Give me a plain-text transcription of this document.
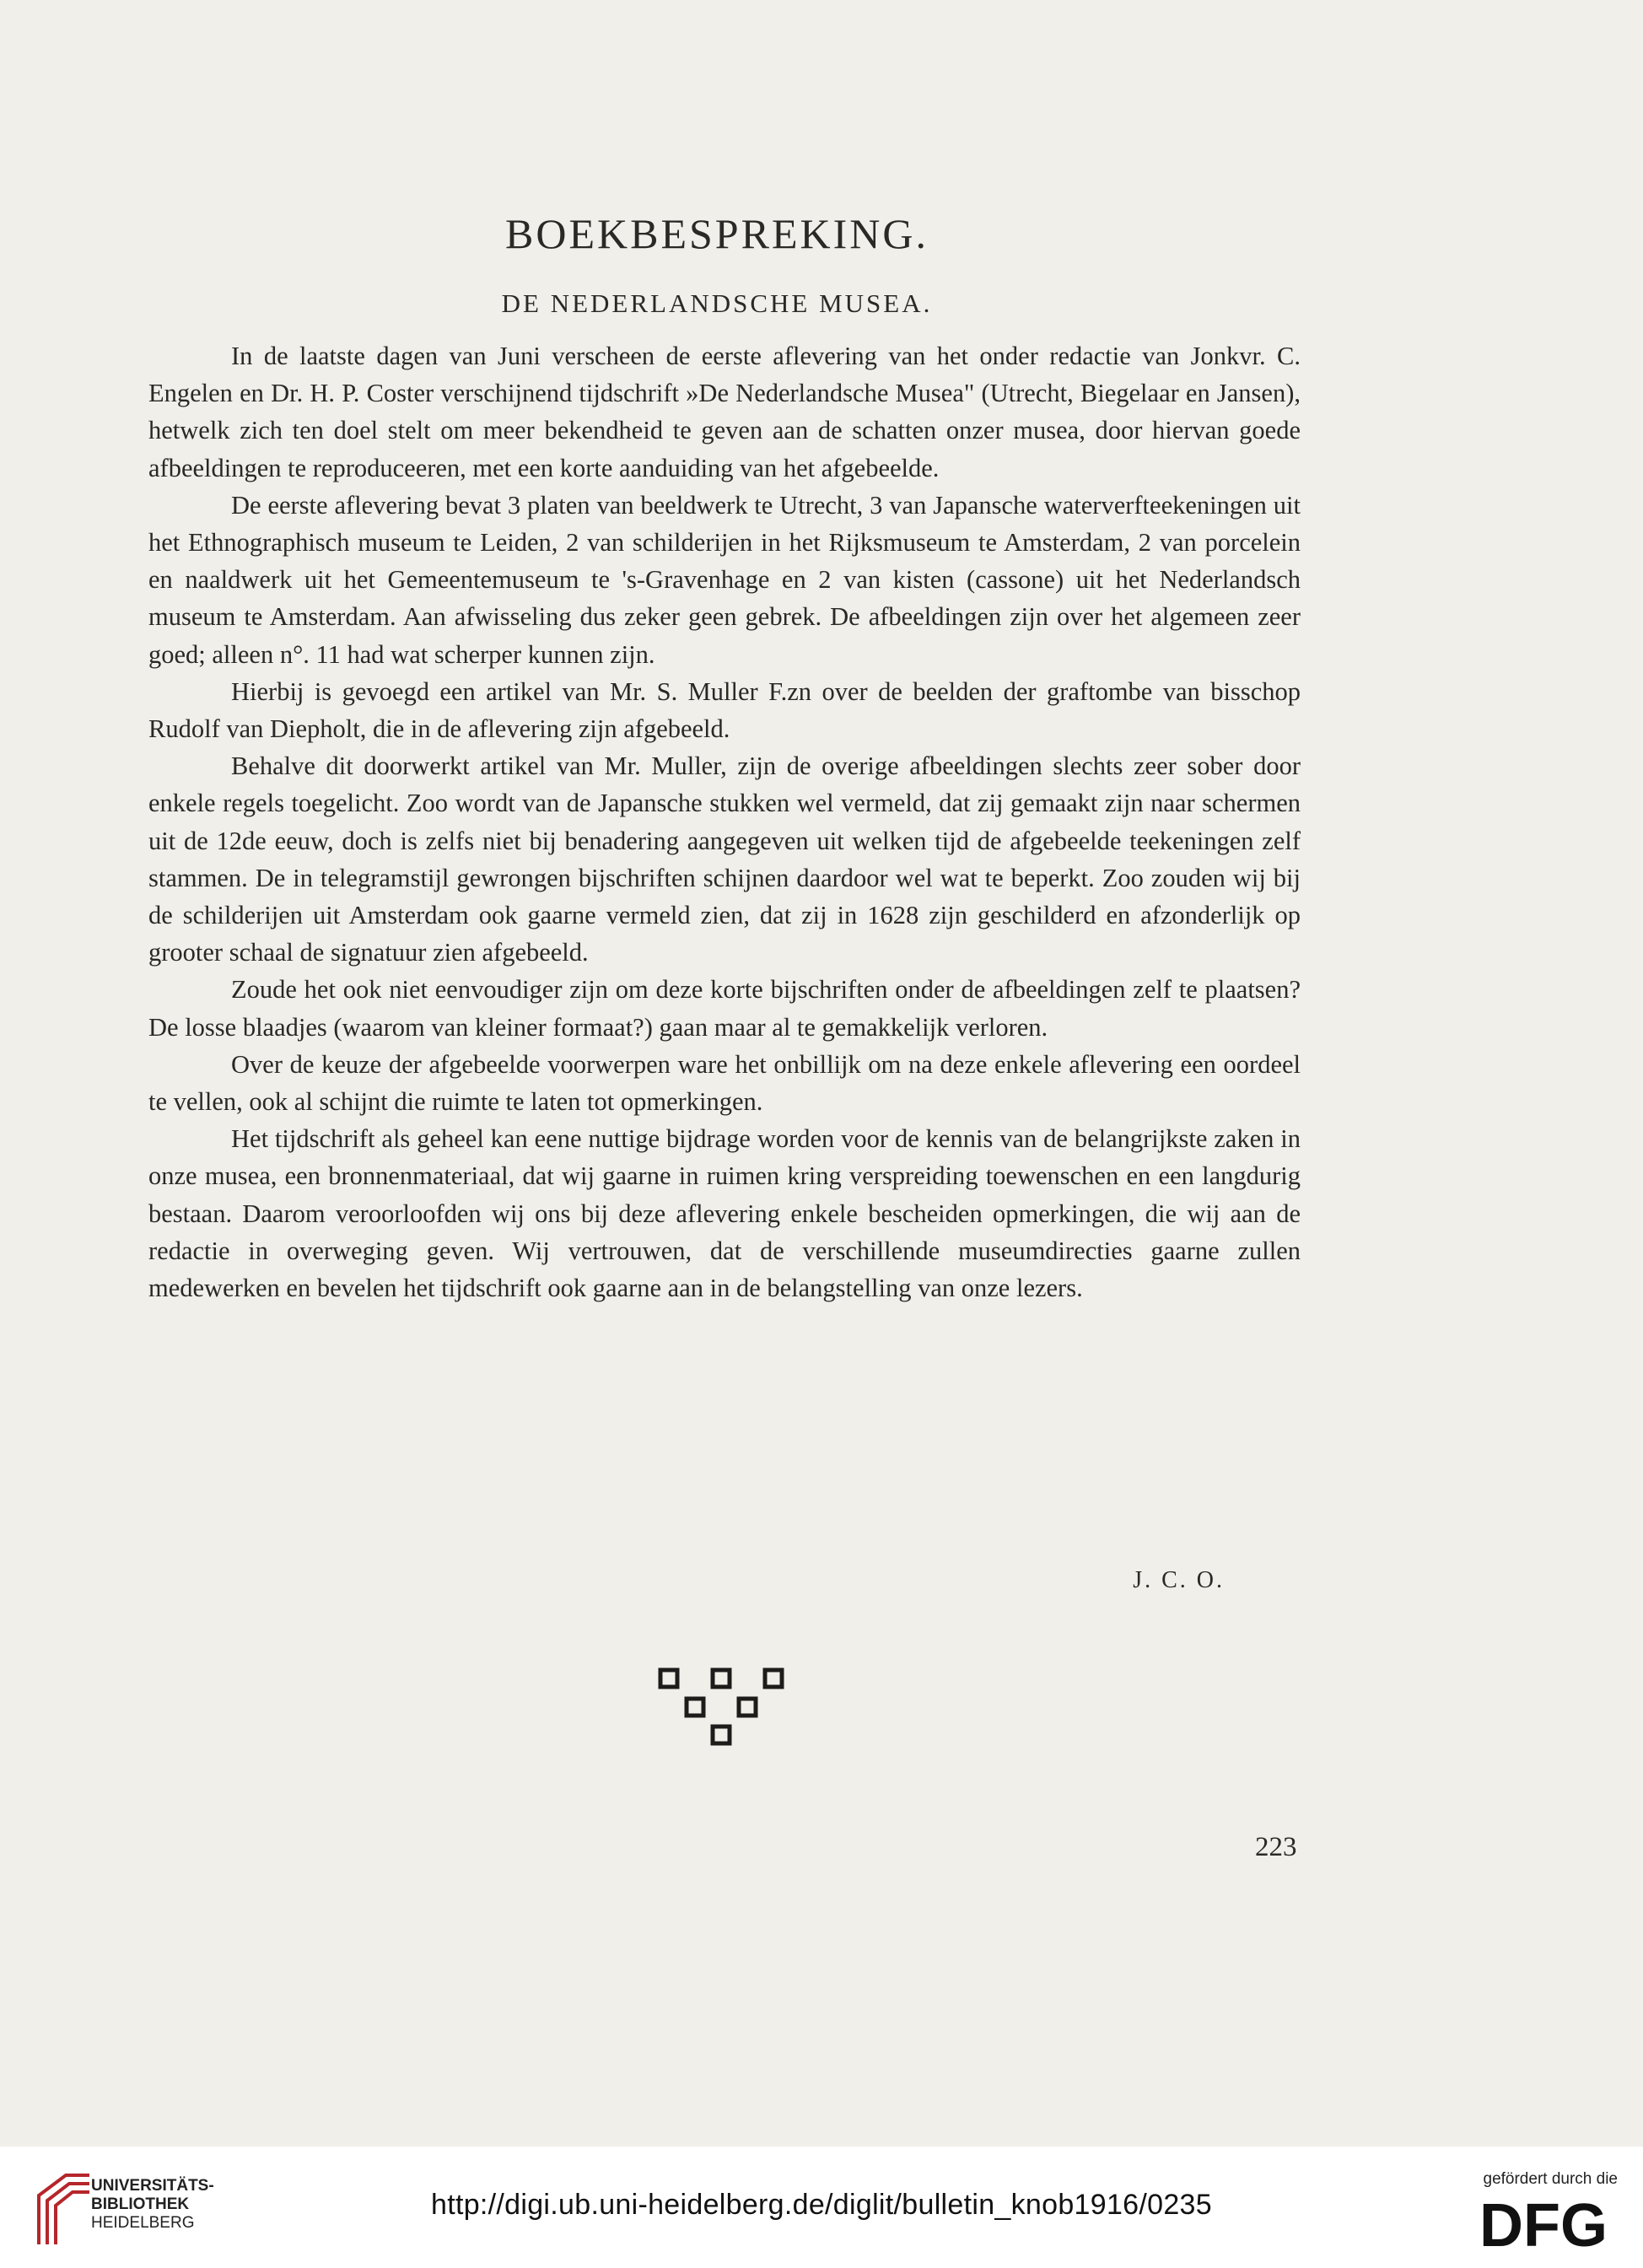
BOEKBESPREKING.
DE NEDERLANDSCHE MUSEA.

In de laatste dagen van Juni verscheen de eerste aflevering van het onder redactie van Jonkvr. C. Engelen en Dr. H. P. Coster verschijnend tijdschrift »De Nederlandsche Musea" (Utrecht, Biegelaar en Jansen), hetwelk zich ten doel stelt om meer bekendheid te geven aan de schatten onzer musea, door hiervan goede afbeeldingen te reproduceeren, met een korte aanduiding van het afgebeelde.

De eerste aflevering bevat 3 platen van beeldwerk te Utrecht, 3 van Japansche waterverfteekeningen uit het Ethnographisch museum te Leiden, 2 van schilderijen in het Rijksmuseum te Amsterdam, 2 van porcelein en naaldwerk uit het Gemeentemuseum te 's-Gravenhage en 2 van kisten (cassone) uit het Nederlandsch museum te Amsterdam. Aan afwisseling dus zeker geen gebrek. De afbeeldingen zijn over het algemeen zeer goed; alleen n°. 11 had wat scherper kunnen zijn.

Hierbij is gevoegd een artikel van Mr. S. Muller F.zn over de beelden der graftombe van bisschop Rudolf van Diepholt, die in de aflevering zijn afgebeeld.

Behalve dit doorwerkt artikel van Mr. Muller, zijn de overige afbeeldingen slechts zeer sober door enkele regels toegelicht. Zoo wordt van de Japansche stukken wel vermeld, dat zij gemaakt zijn naar schermen uit de 12de eeuw, doch is zelfs niet bij benadering aangegeven uit welken tijd de afgebeelde teekeningen zelf stammen. De in telegramstijl gewrongen bijschriften schijnen daardoor wel wat te beperkt. Zoo zouden wij bij de schilderijen uit Amsterdam ook gaarne vermeld zien, dat zij in 1628 zijn geschilderd en afzonderlijk op grooter schaal de signatuur zien afgebeeld.

Zoude het ook niet eenvoudiger zijn om deze korte bijschriften onder de afbeeldingen zelf te plaatsen? De losse blaadjes (waarom van kleiner formaat?) gaan maar al te gemakkelijk verloren.

Over de keuze der afgebeelde voorwerpen ware het onbillijk om na deze enkele aflevering een oordeel te vellen, ook al schijnt die ruimte te laten tot opmerkingen.

Het tijdschrift als geheel kan eene nuttige bijdrage worden voor de kennis van de belangrijkste zaken in onze musea, een bronnenmateriaal, dat wij gaarne in ruimen kring verspreiding toewenschen en een langdurig bestaan. Daarom veroorloofden wij ons bij deze aflevering enkele bescheiden opmerkingen, die wij aan de redactie in overweging geven. Wij vertrouwen, dat de verschillende museumdirecties gaarne zullen medewerken en bevelen het tijdschrift ook gaarne aan in de belangstelling van onze lezers.

J. C. O.
223
UNIVERSITÄTS-
BIBLIOTHEK
HEIDELBERG
http://digi.ub.uni-heidelberg.de/diglit/bulletin_knob1916/0235
gefördert durch die
DFG
